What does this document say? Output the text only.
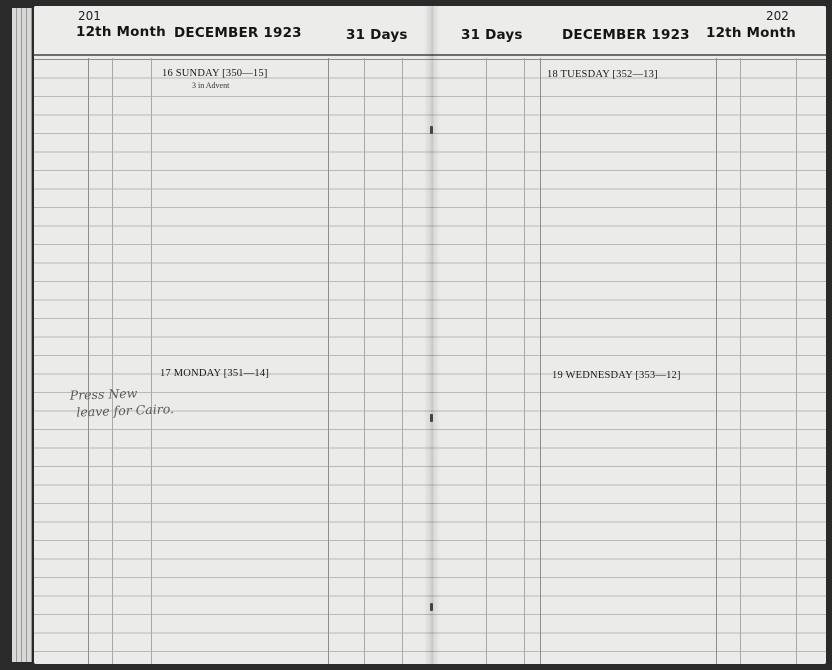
201
12th Month DECEMBER 1923	31 Days
16 SUNDAY [350—15]
3 in Advent
17 MONDAY [351—14]
202
31 Days	DECEMBER 1923 12th Month
18 TUESDAY [352—13]
19 WEDNESDAY [353—12]
Press New
leave for Cairo.
